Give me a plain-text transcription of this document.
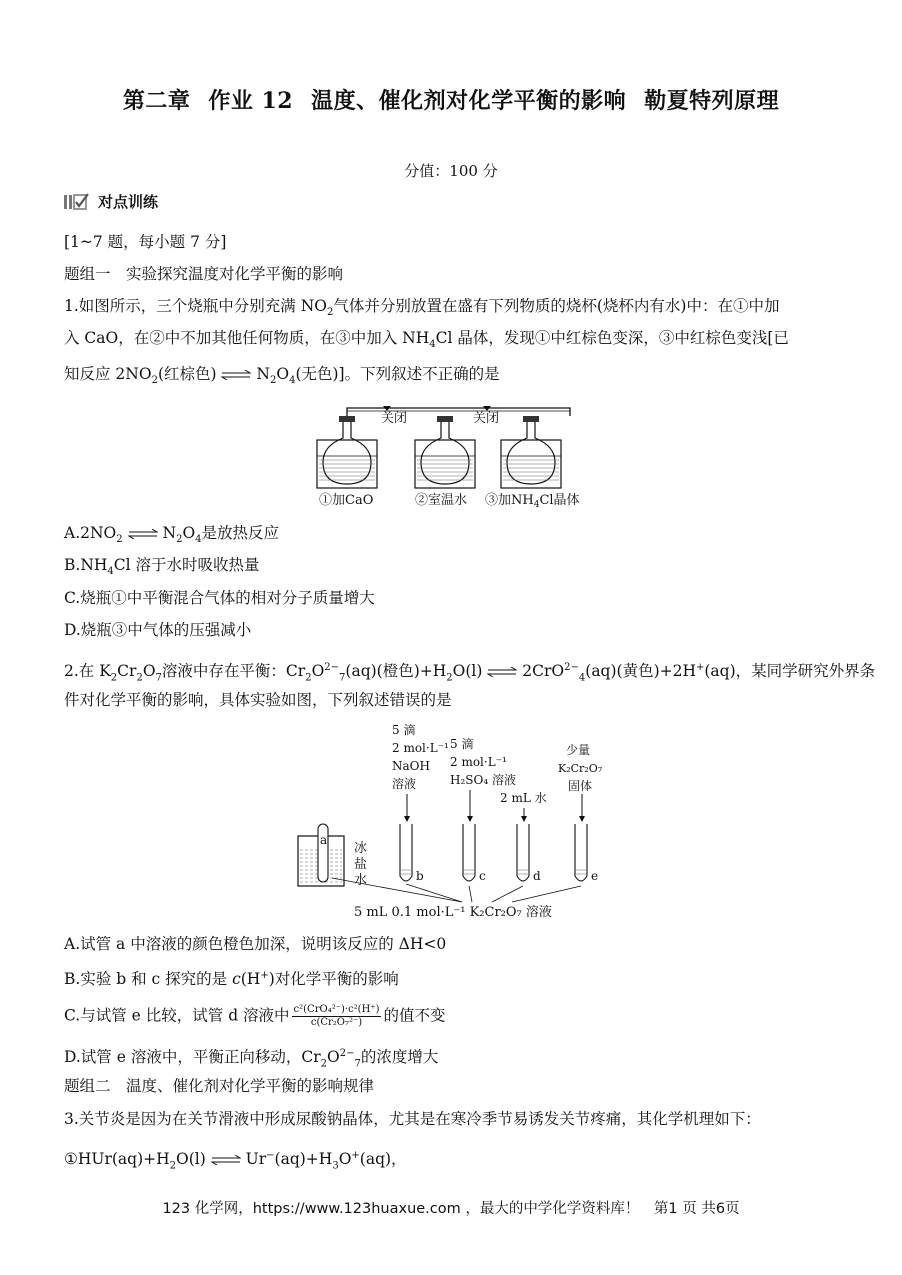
第二章 作业 12 温度、催化剂对化学平衡的影响 勒夏特列原理
分值：100 分
对点训练
[1~7 题，每小题 7 分]
题组一　实验探究温度对化学平衡的影响
1.如图所示，三个烧瓶中分别充满 $NO_2$气体并分别放置在盛有下列物质的烧杯(烧杯内有水)中：在①中加
入 CaO，在②中不加其他任何物质，在③中加入 $NH_4Cl$ 晶体，发现①中红棕色变深，③中红棕色变浅[已
知反应 $2NO_2$(红棕色) ⇌ $N_2O_4$(无色)]。下列叙述不正确的是
关闭	关闭
①加CaO	②室温水 ③加$NH_4Cl$晶体
$A.2NO_2$ ⇌ $N_2O_4$是放热反应
$B.NH_4Cl$ 溶于水时吸收热量
C.烧瓶①中平衡混合气体的相对分子质量增大
D.烧瓶③中气体的压强减小
2.在 $K_2Cr_2O_7$溶液中存在平衡：$Cr_2O^{2-}_7(aq)$(橙色)$+H_2O(l)$ ⇌ 2CrO$^{2-}_4$(aq)(黄色)+2H+(aq)，某同学研究外界条
件对化学平衡的影响，具体实验如图，下列叙述错误的是
5 滴
2 mol·L⁻¹
NaOH
溶液
5 滴
2 mol·L⁻¹
H₂SO₄ 溶液
2 mL 水
少量
K₂Cr₂O₇
固体
a
冰
盐
水	b	c	d	e
5 mL 0.1 mol·L⁻¹ K₂Cr₂O₇ 溶液
A.试管 a 中溶液的颜色橙色加深，说明该反应的 ΔH<0
B.实验 b 和 c 探究的是 c(H+)对化学平衡的影响
C.与试管 e 比较，试管 d 溶液中 $\frac{\text{c²(CrO₄²⁻)·c²(H⁺)}}{\text{c(Cr₂O₇²⁻)}}$ 的值不变
D.试管 e 溶液中，平衡正向移动，$Cr_2O^{2-}_7$的浓度增大
题组二　温度、催化剂对化学平衡的影响规律
3.关节炎是因为在关节滑液中形成尿酸钠晶体，尤其是在寒冷季节易诱发关节疼痛，其化学机理如下：
$①HUr(aq)+H_2O(l)$ ⇌ $Ur^-(aq)+H_3O^+(aq)$，
123 化学网，https://www.123huaxue.com ，最大的中学化学资料库！　第1 页 共6页
